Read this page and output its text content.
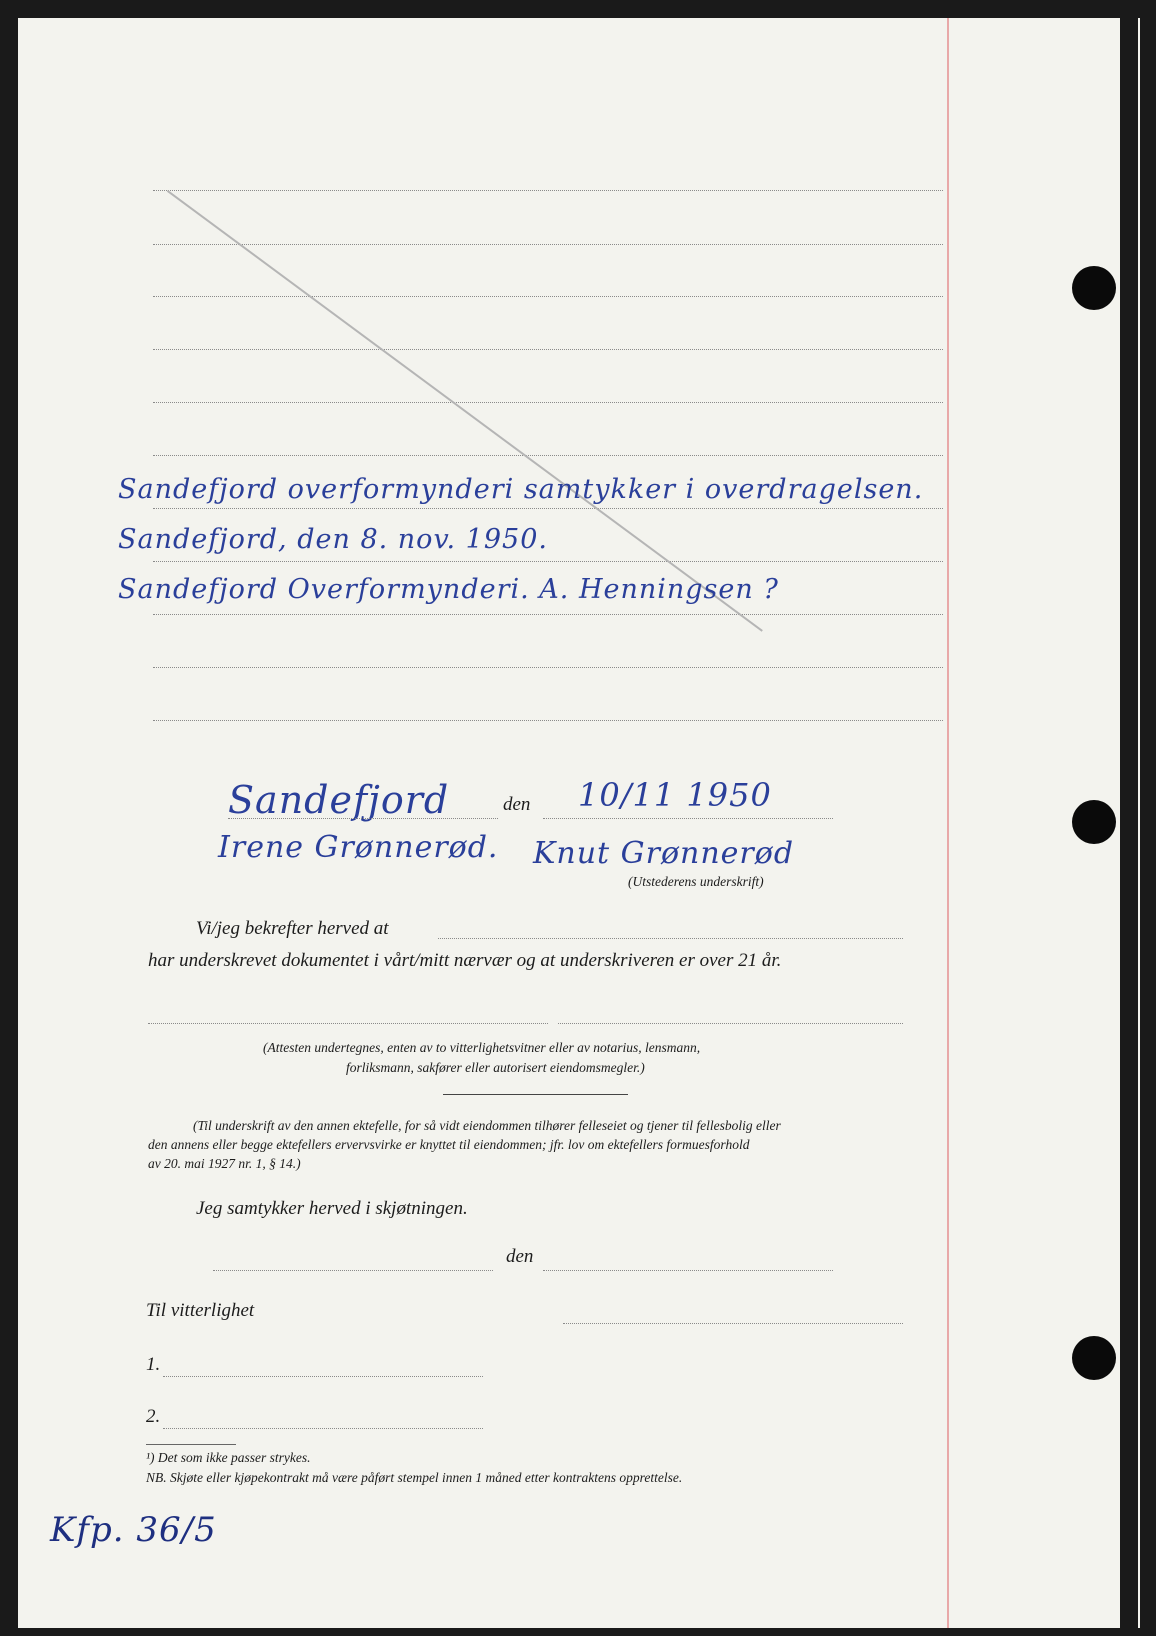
Sandefjord overformynderi samtykker i overdragelsen.
Sandefjord, den 8. nov. 1950.
Sandefjord Overformynderi. A. Henningsen ?
Sandefjord	den 10/11 1950
Irene Grønnerød. Knut Grønnerød
(Utstederens underskrift)
Vi/jeg bekrefter herved at
har underskrevet dokumentet i vårt/mitt nærvær og at underskriveren er over 21 år.
(Attesten undertegnes, enten av to vitterlighetsvitner eller av notarius, lensmann,
forliksmann, sakfører eller autorisert eiendomsmegler.)
(Til underskrift av den annen ektefelle, for så vidt eiendommen tilhører felleseiet og tjener til fellesbolig eller
den annens eller begge ektefellers ervervsvirke er knyttet til eiendommen; jfr. lov om ektefellers formuesforhold
av 20. mai 1927 nr. 1, § 14.)
Jeg samtykker herved i skjøtningen.
den
Til vitterlighet
1.
2.
¹) Det som ikke passer strykes.
NB. Skjøte eller kjøpekontrakt må være påført stempel innen 1 måned etter kontraktens opprettelse.
Kfp. 36/5
